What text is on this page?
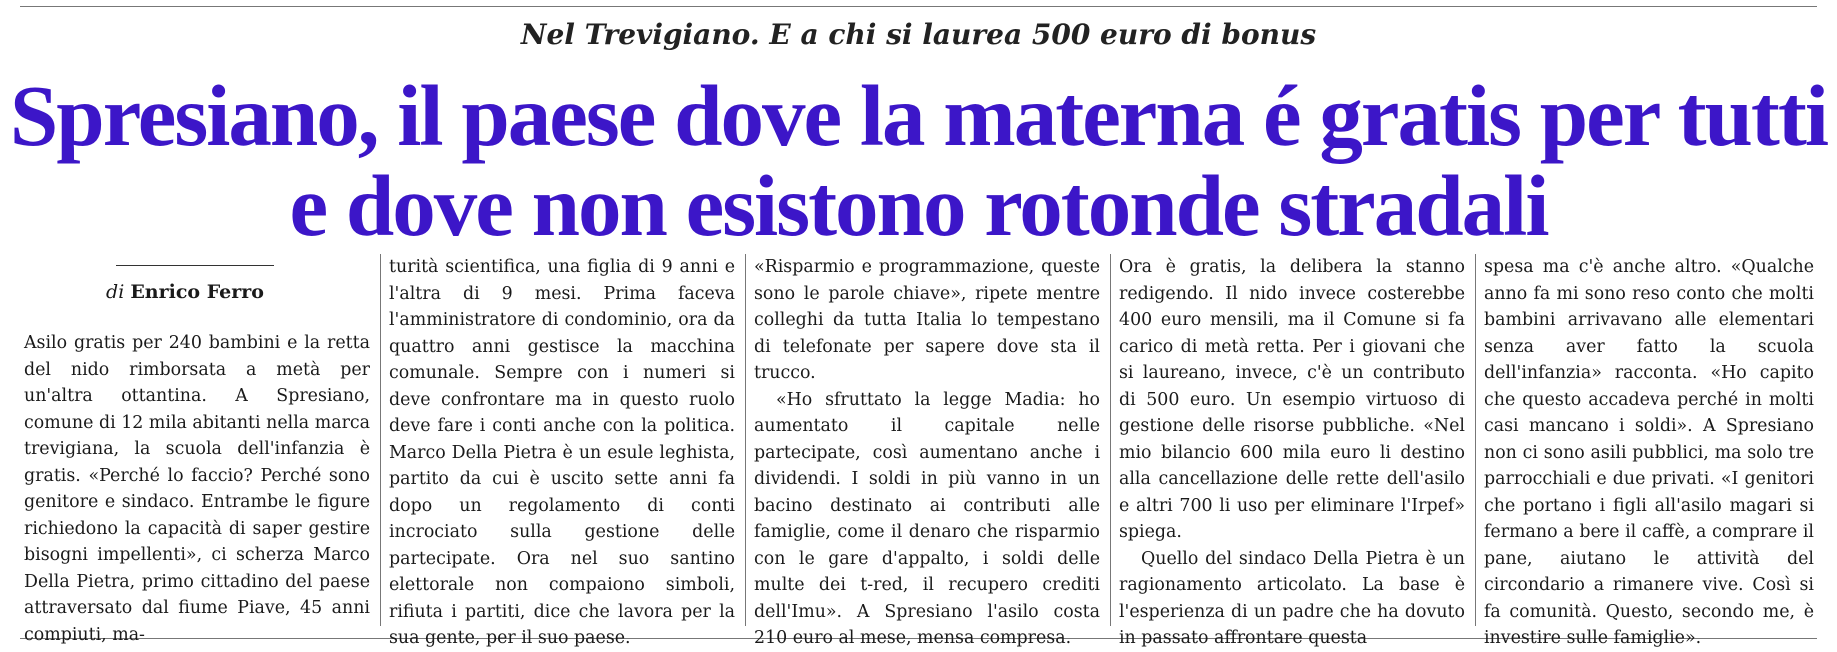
Nel Trevigiano. E a chi si laurea 500 euro di bonus
Spresiano, il paese dove la materna é gratis per tutti
e dove non esistono rotonde stradali
di Enrico Ferro

Asilo gratis per 240 bambini e la retta del nido rimborsata a metà per un'altra ottantina. A Spresiano, comune di 12 mila abitanti nella marca trevigiana, la scuola dell'infanzia è gratis. «Perché lo faccio? Perché sono genitore e sindaco. Entrambe le figure richiedono la capacità di saper gestire bisogni impellenti», ci scherza Marco Della Pietra, primo cittadino del paese attraversato dal fiume Piave, 45 anni compiuti, ma-

turità scientifica, una figlia di 9 anni e l'altra di 9 mesi. Prima faceva l'amministratore di condominio, ora da quattro anni gestisce la macchina comunale. Sempre con i numeri si deve confrontare ma in questo ruolo deve fare i conti anche con la politica. Marco Della Pietra è un esule leghista, partito da cui è uscito sette anni fa dopo un regolamento di conti incrociato sulla gestione delle partecipate. Ora nel suo santino elettorale non compaiono simboli, rifiuta i partiti, dice che lavora per la sua gente, per il suo paese.

«Risparmio e programmazione, queste sono le parole chiave», ripete mentre colleghi da tutta Italia lo tempestano di telefonate per sapere dove sta il trucco.

«Ho sfruttato la legge Madia: ho aumentato il capitale nelle partecipate, così aumentano anche i dividendi. I soldi in più vanno in un bacino destinato ai contributi alle famiglie, come il denaro che risparmio con le gare d'appalto, i soldi delle multe dei t-red, il recupero crediti dell'Imu». A Spresiano l'asilo costa 210 euro al mese, mensa compresa.

Ora è gratis, la delibera la stanno redigendo. Il nido invece costerebbe 400 euro mensili, ma il Comune si fa carico di metà retta. Per i giovani che si laureano, invece, c'è un contributo di 500 euro. Un esempio virtuoso di gestione delle risorse pubbliche. «Nel mio bilancio 600 mila euro li destino alla cancellazione delle rette dell'asilo e altri 700 li uso per eliminare l'Irpef» spiega.

Quello del sindaco Della Pietra è un ragionamento articolato. La base è l'esperienza di un padre che ha dovuto in passato affrontare questa

spesa ma c'è anche altro. «Qualche anno fa mi sono reso conto che molti bambini arrivavano alle elementari senza aver fatto la scuola dell'infanzia» racconta. «Ho capito che questo accadeva perché in molti casi mancano i soldi». A Spresiano non ci sono asili pubblici, ma solo tre parrocchiali e due privati. «I genitori che portano i figli all'asilo magari si fermano a bere il caffè, a comprare il pane, aiutano le attività del circondario a rimanere vive. Così si fa comunità. Questo, secondo me, è investire sulle famiglie».
